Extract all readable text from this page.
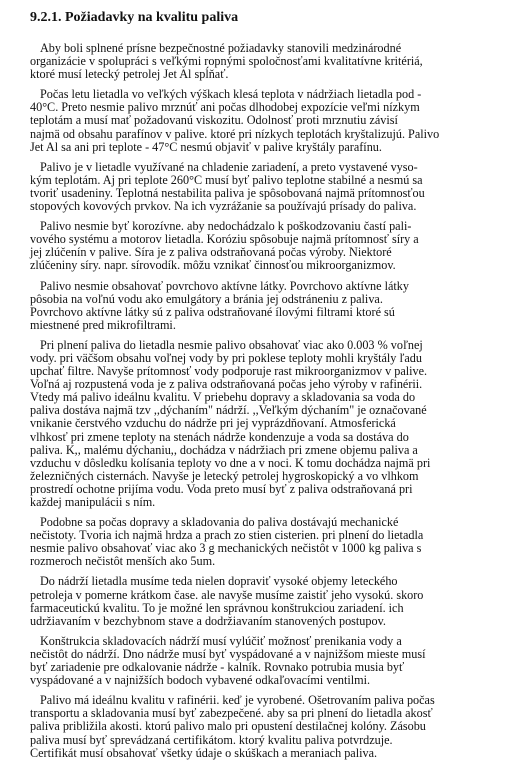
9.2.1. Požiadavky na kvalitu paliva
Aby boli splnené prísne bezpečnostné požiadavky stanovili medzinárodné
organizácie v spolupráci s veľkými ropnými spoločnosťami kvalitatívne kritériá,
ktoré musí letecký petrolej Jet Al spĺňať.
Počas letu lietadla vo veľkých výškach klesá teplota v nádržiach lietadla pod -
40°C. Preto nesmie palivo mrznúť ani počas dlhodobej expozície veľmi nízkym
teplotám a musí mať požadovanú viskozitu. Odolnosť proti mrznutiu závisí
najmä od obsahu parafínov v palive. ktoré pri nízkych teplotách kryštalizujú. Palivo
Jet Al sa ani pri teplote - 47°C nesmú objaviť v palive kryštály parafínu.
Palivo je v lietadle využívané na chladenie zariadení, a preto vystavené vyso-
kým teplotám. Aj pri teplote 260°C musí byť palivo teplotne stabilné a nesmú sa
tvoriť usadeniny. Teplotná nestabilita paliva je spôsobovaná najmä prítomnosťou
stopových kovových prvkov. Na ich vyzrážanie sa používajú prísady do paliva.
Palivo nesmie byť korozívne. aby nedochádzalo k poškodzovaniu častí pali-
vového systému a motorov lietadla. Koróziu spôsobuje najmä prítomnosť síry a
jej zlúčenín v palive. Síra je z paliva odstraňovaná počas výroby. Niektoré
zlúčeniny síry. napr. sírovodík. môžu vznikať činnosťou mikroorganizmov.
Palivo nesmie obsahovať povrchovo aktívne látky. Povrchovo aktívne látky
pôsobia na voľnú vodu ako emulgátory a bránia jej odstráneniu z paliva.
Povrchovo aktívne látky sú z paliva odstraňované ílovými filtrami ktoré sú
miestnené pred mikrofiltrami.
Pri plnení paliva do lietadla nesmie palivo obsahovať viac ako 0.003 % voľnej
vody. pri väčšom obsahu voľnej vody by pri poklese teploty mohli kryštály ľadu
upchať filtre. Navyše prítomnosť vody podporuje rast mikroorganizmov v palive.
Voľná aj rozpustená voda je z paliva odstraňovaná počas jeho výroby v rafinérii.
Vtedy má palivo ideálnu kvalitu. V priebehu dopravy a skladovania sa voda do
paliva dostáva najmä tzv ,,dýchaním" nádrží. ,,Veľkým dýchaním" je označované
vnikanie čerstvého vzduchu do nádrže pri jej vyprázdňovaní. Atmosferická
vlhkosť pri zmene teploty na stenách nádrže kondenzuje a voda sa dostáva do
paliva. K,, malému dýchaniu,, dochádza v nádržiach pri zmene objemu paliva a
vzduchu v dôsledku kolísania teploty vo dne a v noci. K tomu dochádza najmä pri
železničných cisternách. Navyše je letecký petrolej hygroskopický a vo vlhkom
prostredí ochotne prijíma vodu. Voda preto musí byť z paliva odstraňovaná pri
každej manipulácii s ním.
Podobne sa počas dopravy a skladovania do paliva dostávajú mechanické
nečistoty. Tvoria ich najmä hrdza a prach zo stien cisterien. pri plnení do lietadla
nesmie palivo obsahovať viac ako 3 g mechanických nečistôt v 1000 kg paliva s
rozmeroch nečistôt menších ako 5um.
Do nádrží lietadla musíme teda nielen dopraviť vysoké objemy leteckého
petroleja v pomerne krátkom čase. ale navyše musíme zaistiť jeho vysokú. skoro
farmaceutickú kvalitu. To je možné len správnou konštrukciou zariadení. ich
udržiavaním v bezchybnom stave a dodržiavaním stanovených postupov.
Konštrukcia skladovacích nádrží musí vylúčiť možnosť prenikania vody a
nečistôt do nádrží. Dno nádrže musí byť vyspádované a v najnižšom mieste musí
byť zariadenie pre odkalovanie nádrže - kalník. Rovnako potrubia musia byť
vyspádované a v najnižších bodoch vybavené odkaľovacími ventilmi.
Palivo má ideálnu kvalitu v rafinérii. keď je vyrobené. Ošetrovaním paliva počas
transportu a skladovania musí byť zabezpečené. aby sa pri plnení do lietadla akosť
paliva približila akosti. ktorú palivo malo pri opustení destilačnej kolóny. Zásobu
paliva musí byť sprevádzaná certifikátom. ktorý kvalitu paliva potvrdzuje.
Certifikát musí obsahovať všetky údaje o skúškach a meraniach paliva.
